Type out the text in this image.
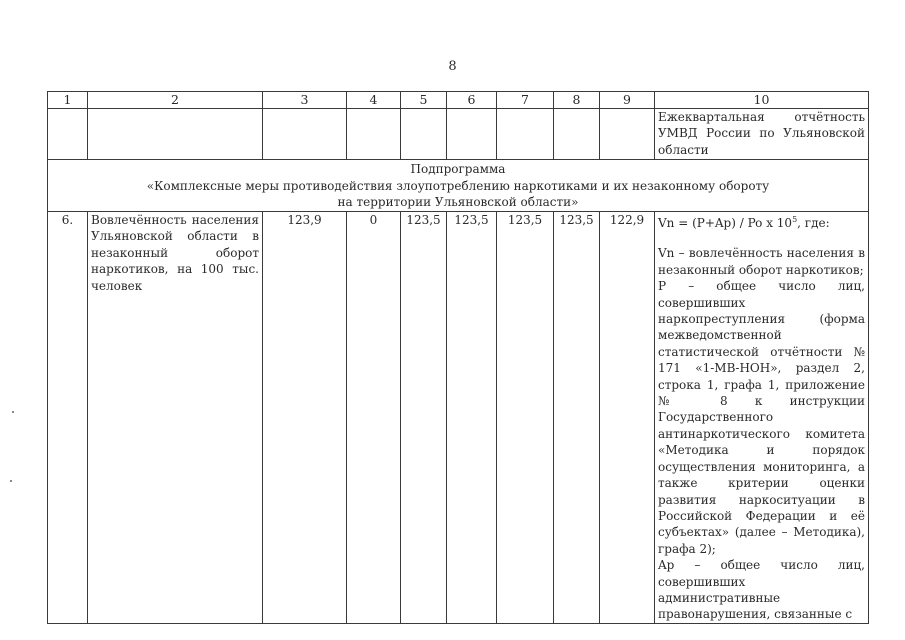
8
1	2	3	4	5	6	7	8	9	10
									Ежеквартальная отчётность УМВД России по Ульяновской области

Подпрограмма
«Комплексные меры противодействия злоупотреблению наркотиками и их незаконному обороту
на территории Ульяновской области»									

6.	Вовлечённость населения Ульяновской области в незаконный оборот наркотиков, на 100 тыс. человек	123,9	0	123,5	123,5	123,5	123,5	122,9	Vn = (P+Ap) / Po x $10^5$, где:
Vn – вовлечённость населения в незаконный оборот наркотиков;
P – общее число лиц, совершивших наркопреступления (форма межведомственной статистической отчётности № 171 «1-МВ-НОН», раздел 2, строка 1, графа 1, приложение № 8 к инструкции Государственного антинаркотического комитета «Методика и порядок осуществления мониторинга, а также критерии оценки развития наркоситуации в Российской Федерации и её субъектах» (далее – Методика), графа 2);
Ap – общее число лиц, совершивших административные правонарушения, связанные с
